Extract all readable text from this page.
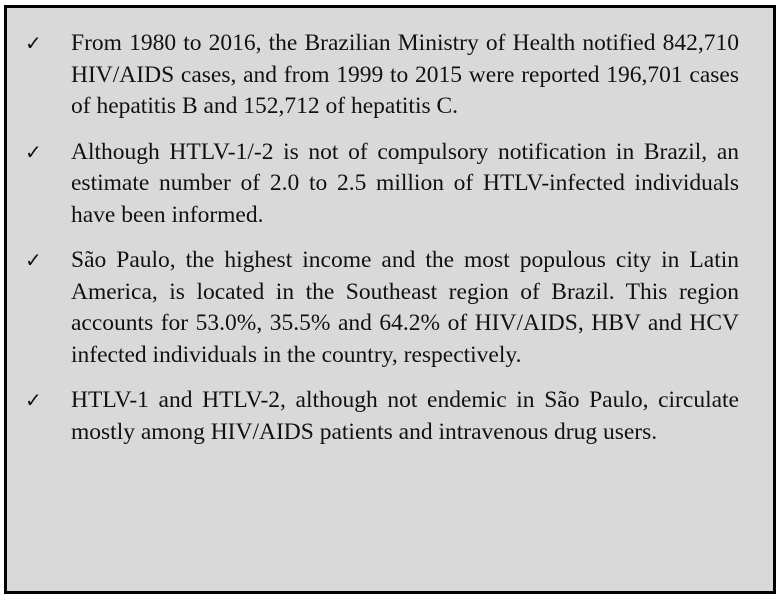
✓	From 1980 to 2016, the Brazilian Ministry of Health notified 842,710 HIV/AIDS cases, and from 1999 to 2015 were reported 196,701 cases of hepatitis B and 152,712 of hepatitis C.
✓	Although HTLV-1/-2 is not of compulsory notification in Brazil, an estimate number of 2.0 to 2.5 million of HTLV-infected individuals have been informed.
✓	São Paulo, the highest income and the most populous city in Latin America, is located in the Southeast region of Brazil. This region accounts for 53.0%, 35.5% and 64.2% of HIV/AIDS, HBV and HCV infected individuals in the country, respectively.
✓	HTLV-1 and HTLV-2, although not endemic in São Paulo, circulate mostly among HIV/AIDS patients and intravenous drug users.
